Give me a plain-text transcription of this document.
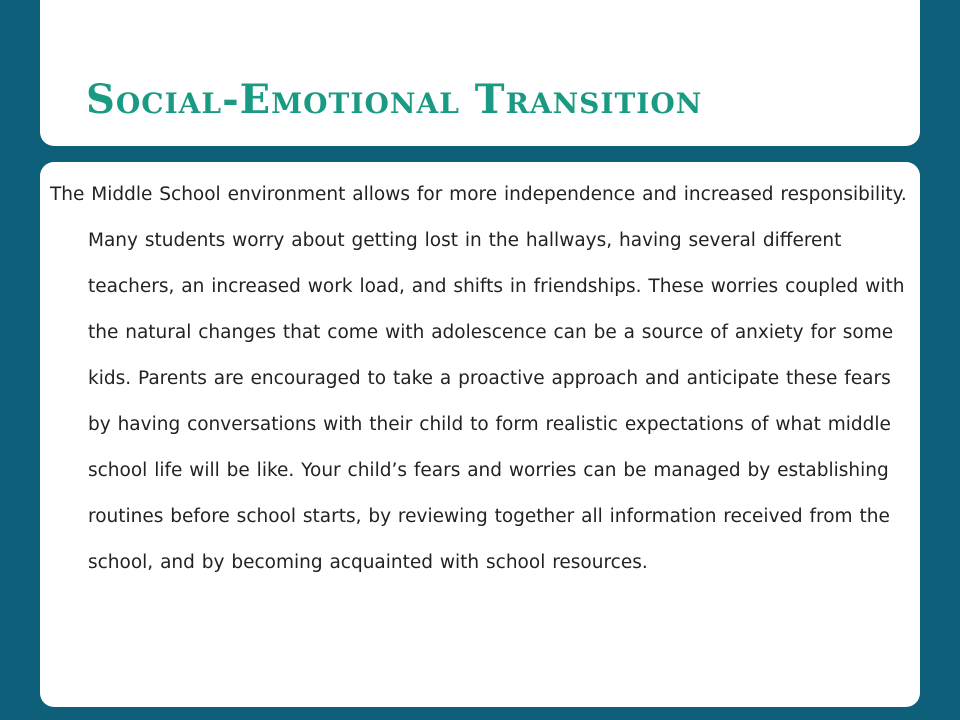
Social-Emotional Transition

The Middle School environment allows for more independence and increased responsibility. Many students worry about getting lost in the hallways, having several different teachers, an increased work load, and shifts in friendships. These worries coupled with the natural changes that come with adolescence can be a source of anxiety for some kids. Parents are encouraged to take a proactive approach and anticipate these fears by having conversations with their child to form realistic expectations of what middle school life will be like. Your child’s fears and worries can be managed by establishing routines before school starts, by reviewing together all information received from the school, and by becoming acquainted with school resources.
